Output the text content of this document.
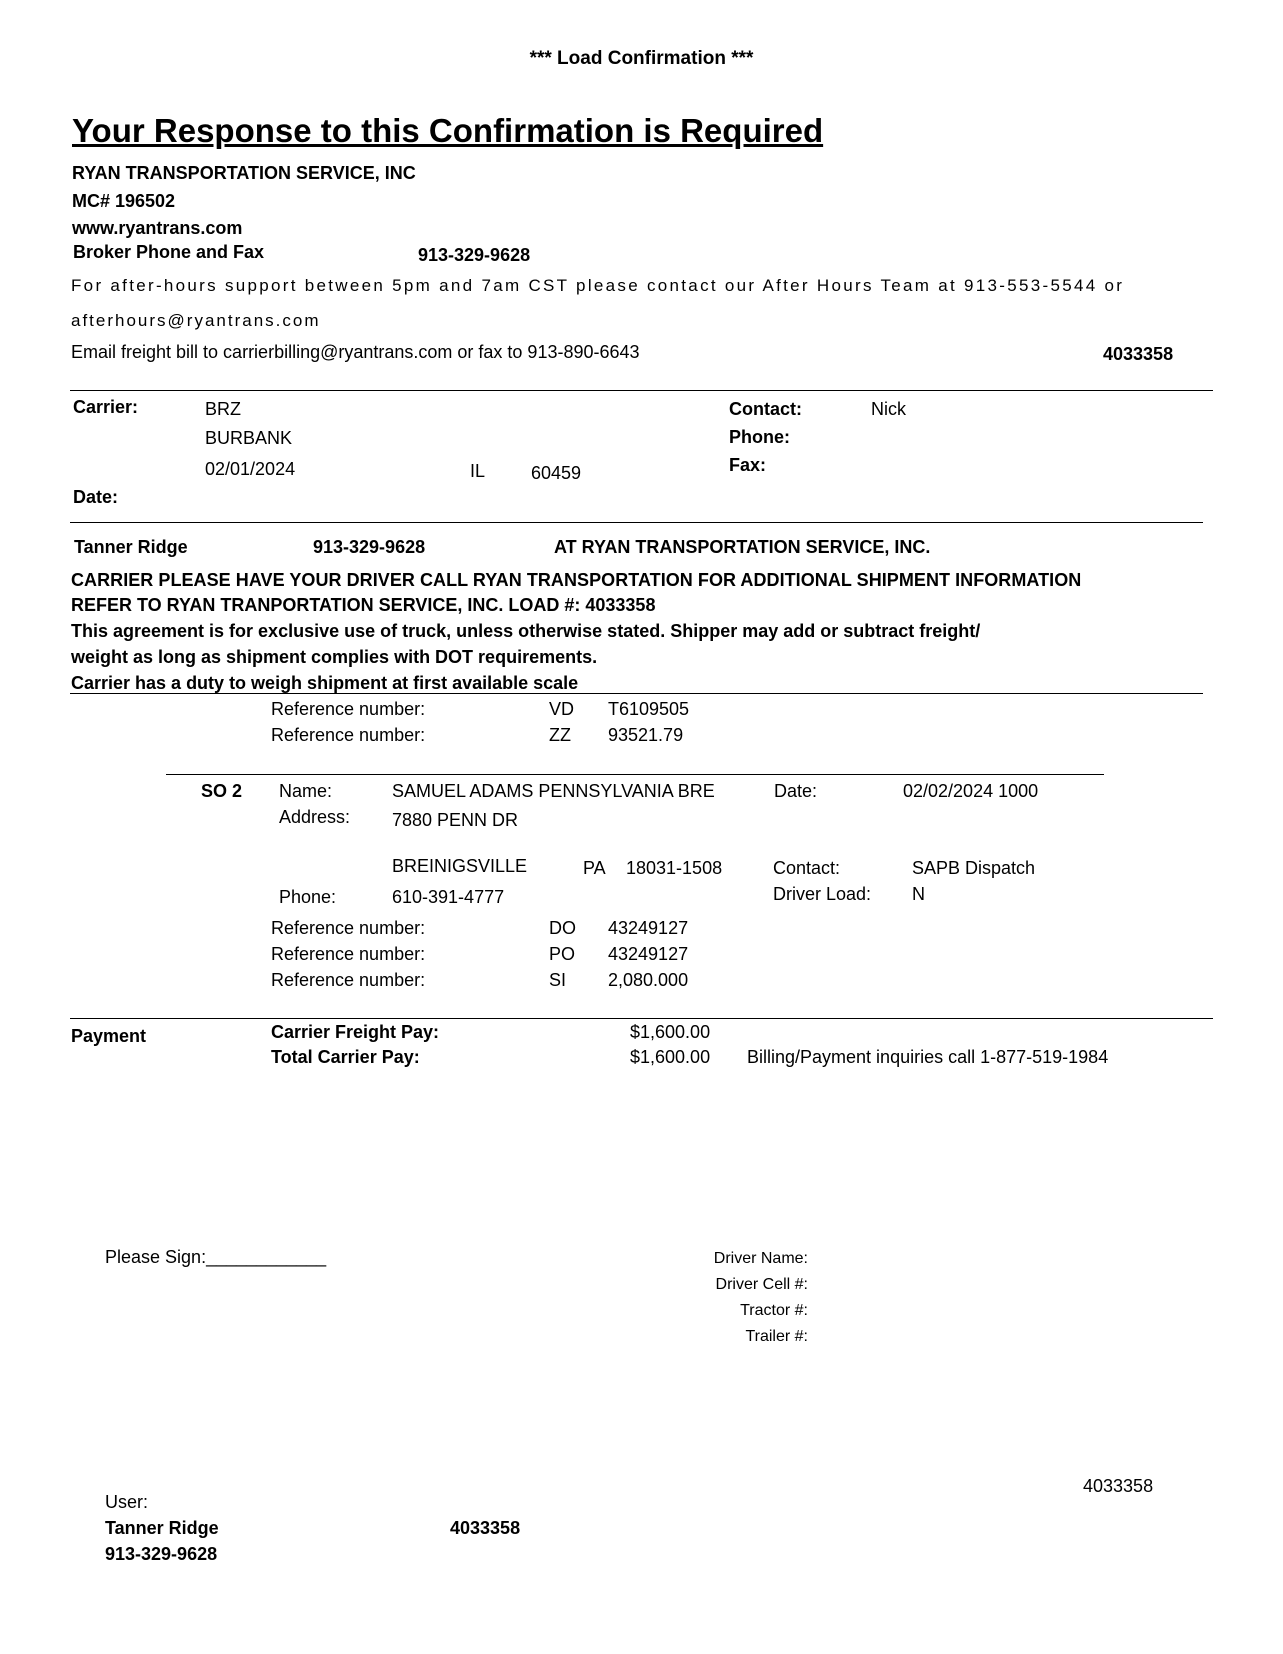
*** Load Confirmation ***
Your Response to this Confirmation is Required
RYAN TRANSPORTATION SERVICE, INC
MC# 196502
www.ryantrans.com
Broker Phone and Fax	913-329-9628
For after-hours support between 5pm and 7am CST please contact our After Hours Team at 913-553-5544 or
afterhours@ryantrans.com
Email freight bill to carrierbilling@ryantrans.com or fax to 913-890-6643	4033358
Carrier:	BRZ
BURBANK
02/01/2024	IL	60459
Date:
Contact:	Nick
Phone:
Fax:
Tanner Ridge	913-329-9628	AT RYAN TRANSPORTATION SERVICE, INC.
CARRIER PLEASE HAVE YOUR DRIVER CALL RYAN TRANSPORTATION FOR ADDITIONAL SHIPMENT INFORMATION
REFER TO RYAN TRANPORTATION SERVICE, INC. LOAD #: 4033358
This agreement is for exclusive use of truck, unless otherwise stated. Shipper may add or subtract freight/
weight as long as shipment complies with DOT requirements.
Carrier has a duty to weigh shipment at first available scale
Reference number:	VD T6109505
Reference number:	ZZ 93521.79
SO 2 Name:	SAMUEL ADAMS PENNSYLVANIA BRE	Date:	02/02/2024 1000
Address: 7880 PENN DR
BREINIGSVILLE	PA 18031-1508	Contact:	SAPB Dispatch
Phone:	610-391-4777	Driver Load: N
Reference number:	DO 43249127
Reference number:	PO 43249127
Reference number:	SI 2,080.000
Payment	Carrier Freight Pay:	$1,600.00
Total Carrier Pay:	$1,600.00 Billing/Payment inquiries call 1-877-519-1984
Please Sign:____________	Driver Name:
Driver Cell #:
Tractor #:
Trailer #:
4033358
User:
Tanner Ridge	4033358
913-329-9628
